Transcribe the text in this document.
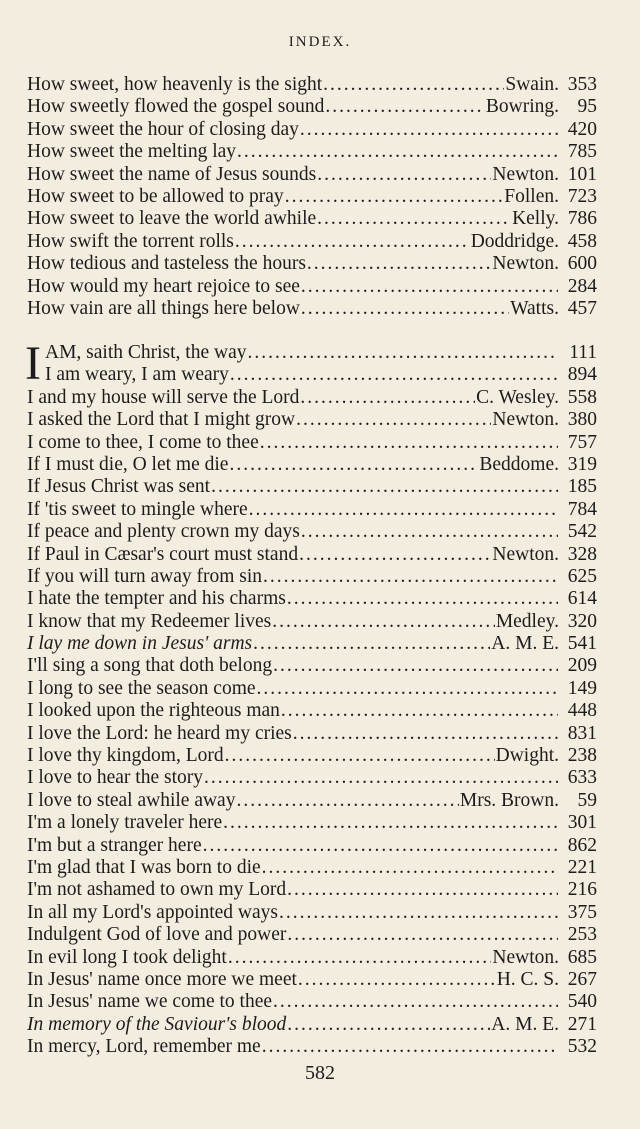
INDEX.
How sweet, how heavenly is the sight .....	Swain. 353
How sweetly flowed the gospel sound .....	Bowring. 95
How sweet the hour of closing day .....	420
How sweet the melting lay .....	785
How sweet the name of Jesus sounds .....	Newton. 101
How sweet to be allowed to pray .....	Follen. 723
How sweet to leave the world awhile .....	Kelly. 786
How swift the torrent rolls .....	Doddridge. 458
How tedious and tasteless the hours .....	Newton. 600
How would my heart rejoice to see .....	284
How vain are all things here below .....	Watts. 457
I AM, saith Christ, the way .....	111
I am weary, I am weary .....	894
I and my house will serve the Lord .....	C. Wesley. 558
I asked the Lord that I might grow .....	Newton. 380
I come to thee, I come to thee .....	757
If I must die, O let me die .....	Beddome. 319
If Jesus Christ was sent .....	185
If 'tis sweet to mingle where .....	784
If peace and plenty crown my days .....	542
If Paul in Cæsar's court must stand .....	Newton. 328
If you will turn away from sin .....	625
I hate the tempter and his charms .....	614
I know that my Redeemer lives .....	Medley. 320
I lay me down in Jesus' arms .....	A. M. E. 541
I'll sing a song that doth belong .....	209
I long to see the season come .....	149
I looked upon the righteous man .....	448
I love the Lord: he heard my cries .....	831
I love thy kingdom, Lord .....	Dwight. 238
I love to hear the story .....	633
I love to steal awhile away .....	Mrs. Brown. 59
I'm a lonely traveler here .....	301
I'm but a stranger here .....	862
I'm glad that I was born to die .....	221
I'm not ashamed to own my Lord .....	216
In all my Lord's appointed ways .....	375
Indulgent God of love and power .....	253
In evil long I took delight .....	Newton. 685
In Jesus' name once more we meet .....	H. C. S. 267
In Jesus' name we come to thee .....	540
In memory of the Saviour's blood .....	A. M. E. 271
In mercy, Lord, remember me .....	532
582
